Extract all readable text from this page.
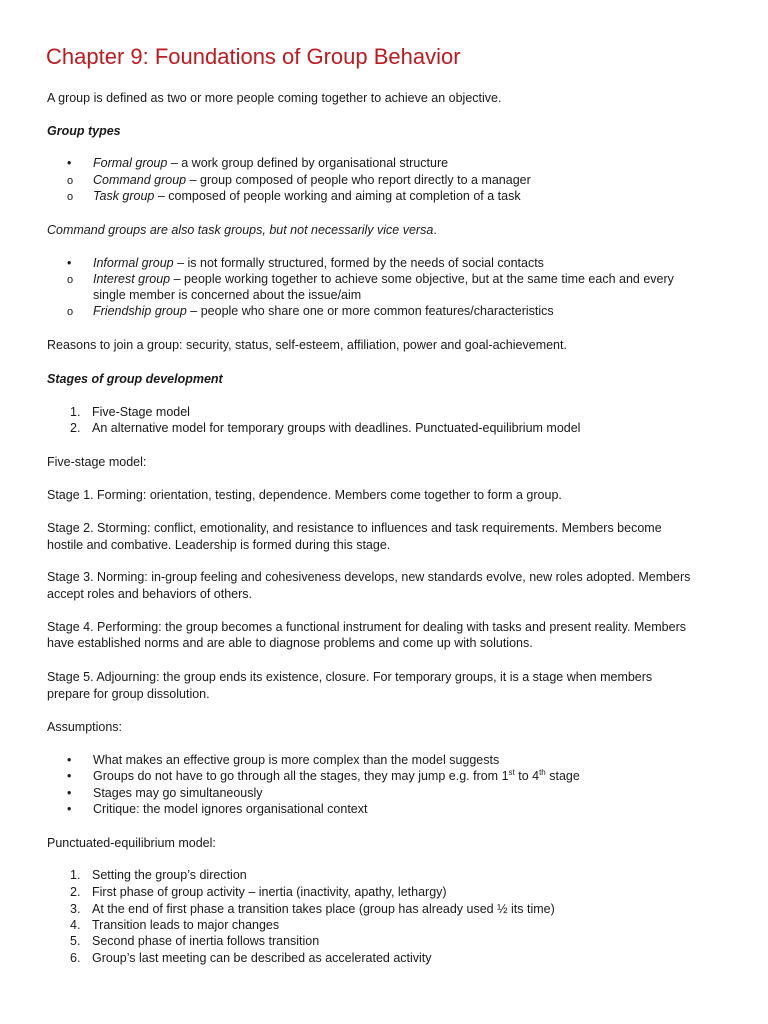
Chapter 9: Foundations of Group Behavior
A group is defined as two or more people coming together to achieve an objective.
Group types
•
Formal group – a work group defined by organisational structure
o
Command group – group composed of people who report directly to a manager
o
Task group – composed of people working and aiming at completion of a task
Command groups are also task groups, but not necessarily vice versa.
•
Informal group – is not formally structured, formed by the needs of social contacts
o
Interest group – people working together to achieve some objective, but at the same time each and every
single member is concerned about the issue/aim
o
Friendship group – people who share one or more common features/characteristics
Reasons to join a group: security, status, self-esteem, affiliation, power and goal-achievement.
Stages of group development
1. Five-Stage model
2. An alternative model for temporary groups with deadlines. Punctuated-equilibrium model
Five-stage model:
Stage 1. Forming: orientation, testing, dependence. Members come together to form a group.
Stage 2. Storming: conflict, emotionality, and resistance to influences and task requirements. Members become
hostile and combative. Leadership is formed during this stage.
Stage 3. Norming: in-group feeling and cohesiveness develops, new standards evolve, new roles adopted. Members
accept roles and behaviors of others.
Stage 4. Performing: the group becomes a functional instrument for dealing with tasks and present reality. Members
have established norms and are able to diagnose problems and come up with solutions.
Stage 5. Adjourning: the group ends its existence, closure. For temporary groups, it is a stage when members
prepare for group dissolution.
Assumptions:
•
What makes an effective group is more complex than the model suggests
•
Groups do not have to go through all the stages, they may jump e.g. from 1st to 4th stage
•
Stages may go simultaneously
•
Critique: the model ignores organisational context
Punctuated-equilibrium model:
1. Setting the group’s direction
2. First phase of group activity – inertia (inactivity, apathy, lethargy)
3. At the end of first phase a transition takes place (group has already used ½ its time)
4. Transition leads to major changes
5. Second phase of inertia follows transition
6. Group’s last meeting can be described as accelerated activity
